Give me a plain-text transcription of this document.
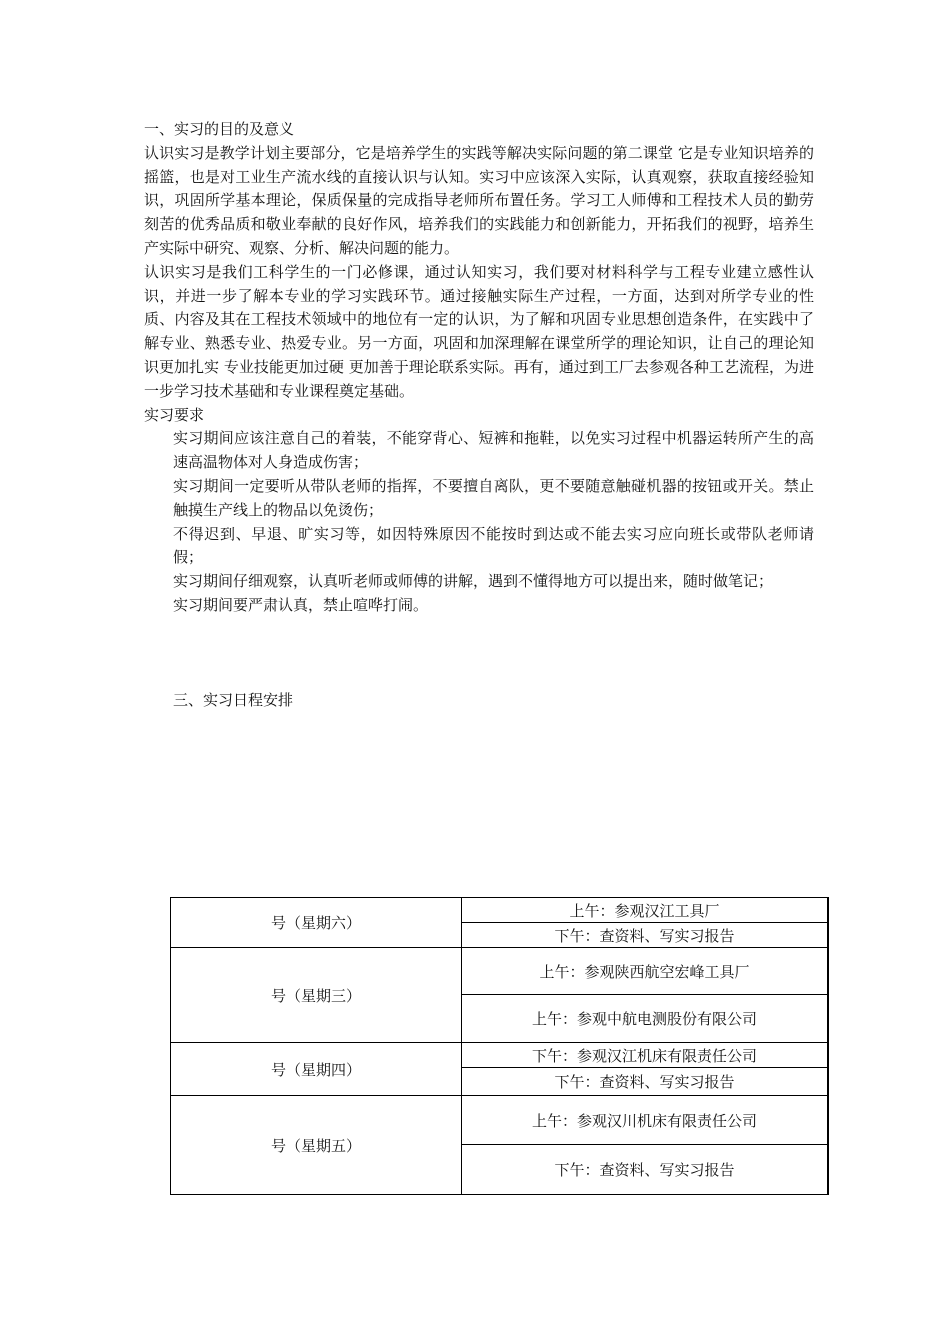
一、实习的目的及意义

认识实习是教学计划主要部分，它是培养学生的实践等解决实际问题的第二课堂 它是专业知识培养的摇篮，也是对工业生产流水线的直接认识与认知。实习中应该深入实际，认真观察，获取直接经验知识，巩固所学基本理论，保质保量的完成指导老师所布置任务。学习工人师傅和工程技术人员的勤劳刻苦的优秀品质和敬业奉献的良好作风，培养我们的实践能力和创新能力，开拓我们的视野，培养生产实际中研究、观察、分析、解决问题的能力。

认识实习是我们工科学生的一门必修课，通过认知实习，我们要对材料科学与工程专业建立感性认识，并进一步了解本专业的学习实践环节。通过接触实际生产过程，一方面，达到对所学专业的性质、内容及其在工程技术领域中的地位有一定的认识，为了解和巩固专业思想创造条件，在实践中了解专业、熟悉专业、热爱专业。另一方面，巩固和加深理解在课堂所学的理论知识，让自己的理论知识更加扎实 专业技能更加过硬 更加善于理论联系实际。再有，通过到工厂去参观各种工艺流程，为进一步学习技术基础和专业课程奠定基础。

实习要求
实习期间应该注意自己的着装，不能穿背心、短裤和拖鞋，以免实习过程中机器运转所产生的高速高温物体对人身造成伤害；
实习期间一定要听从带队老师的指挥，不要擅自离队，更不要随意触碰机器的按钮或开关。禁止触摸生产线上的物品以免烫伤；
不得迟到、早退、旷实习等，如因特殊原因不能按时到达或不能去实习应向班长或带队老师请假；
实习期间仔细观察，认真听老师或师傅的讲解，遇到不懂得地方可以提出来，随时做笔记；
实习期间要严肃认真，禁止喧哗打闹。
三、实习日程安排
号（星期六）	上午：参观汉江工具厂
	下午：查资料、写实习报告
号（星期三）	上午：参观陕西航空宏峰工具厂
	上午：参观中航电测股份有限公司
号（星期四）	下午：参观汉江机床有限责任公司
	下午：查资料、写实习报告
号（星期五）	上午：参观汉川机床有限责任公司
	下午：查资料、写实习报告
